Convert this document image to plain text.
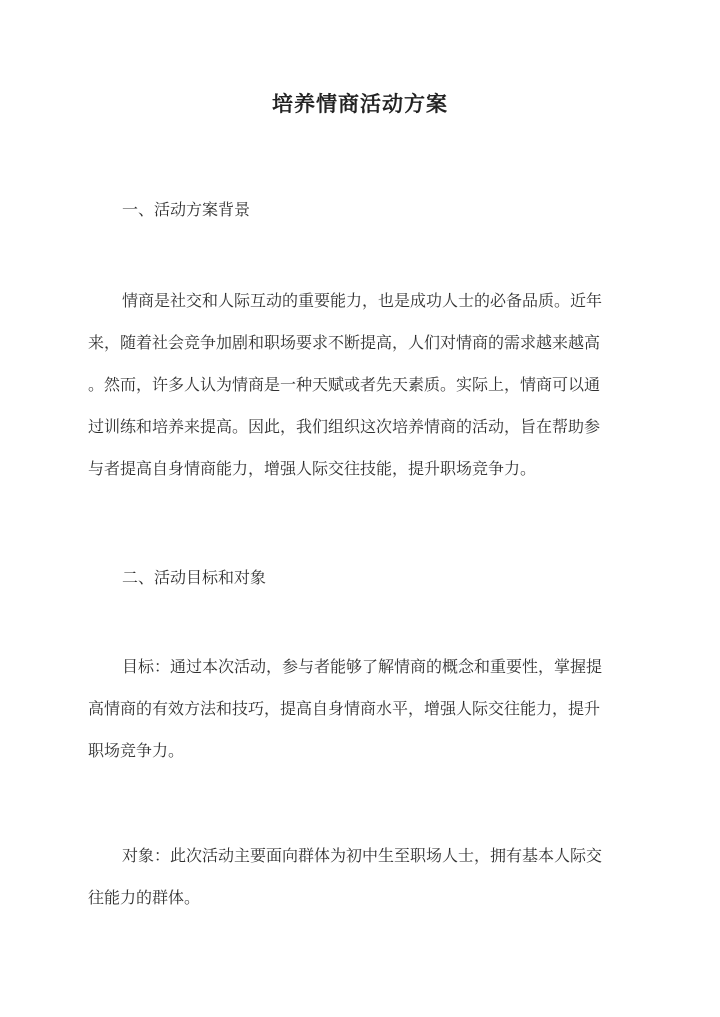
培养情商活动方案
一、活动方案背景
情商是社交和人际互动的重要能力，也是成功人士的必备品质。近年
来，随着社会竞争加剧和职场要求不断提高，人们对情商的需求越来越高
。然而，许多人认为情商是一种天赋或者先天素质。实际上，情商可以通
过训练和培养来提高。因此，我们组织这次培养情商的活动，旨在帮助参
与者提高自身情商能力，增强人际交往技能，提升职场竞争力。
二、活动目标和对象
目标：通过本次活动，参与者能够了解情商的概念和重要性，掌握提
高情商的有效方法和技巧，提高自身情商水平，增强人际交往能力，提升
职场竞争力。
对象：此次活动主要面向群体为初中生至职场人士，拥有基本人际交
往能力的群体。
